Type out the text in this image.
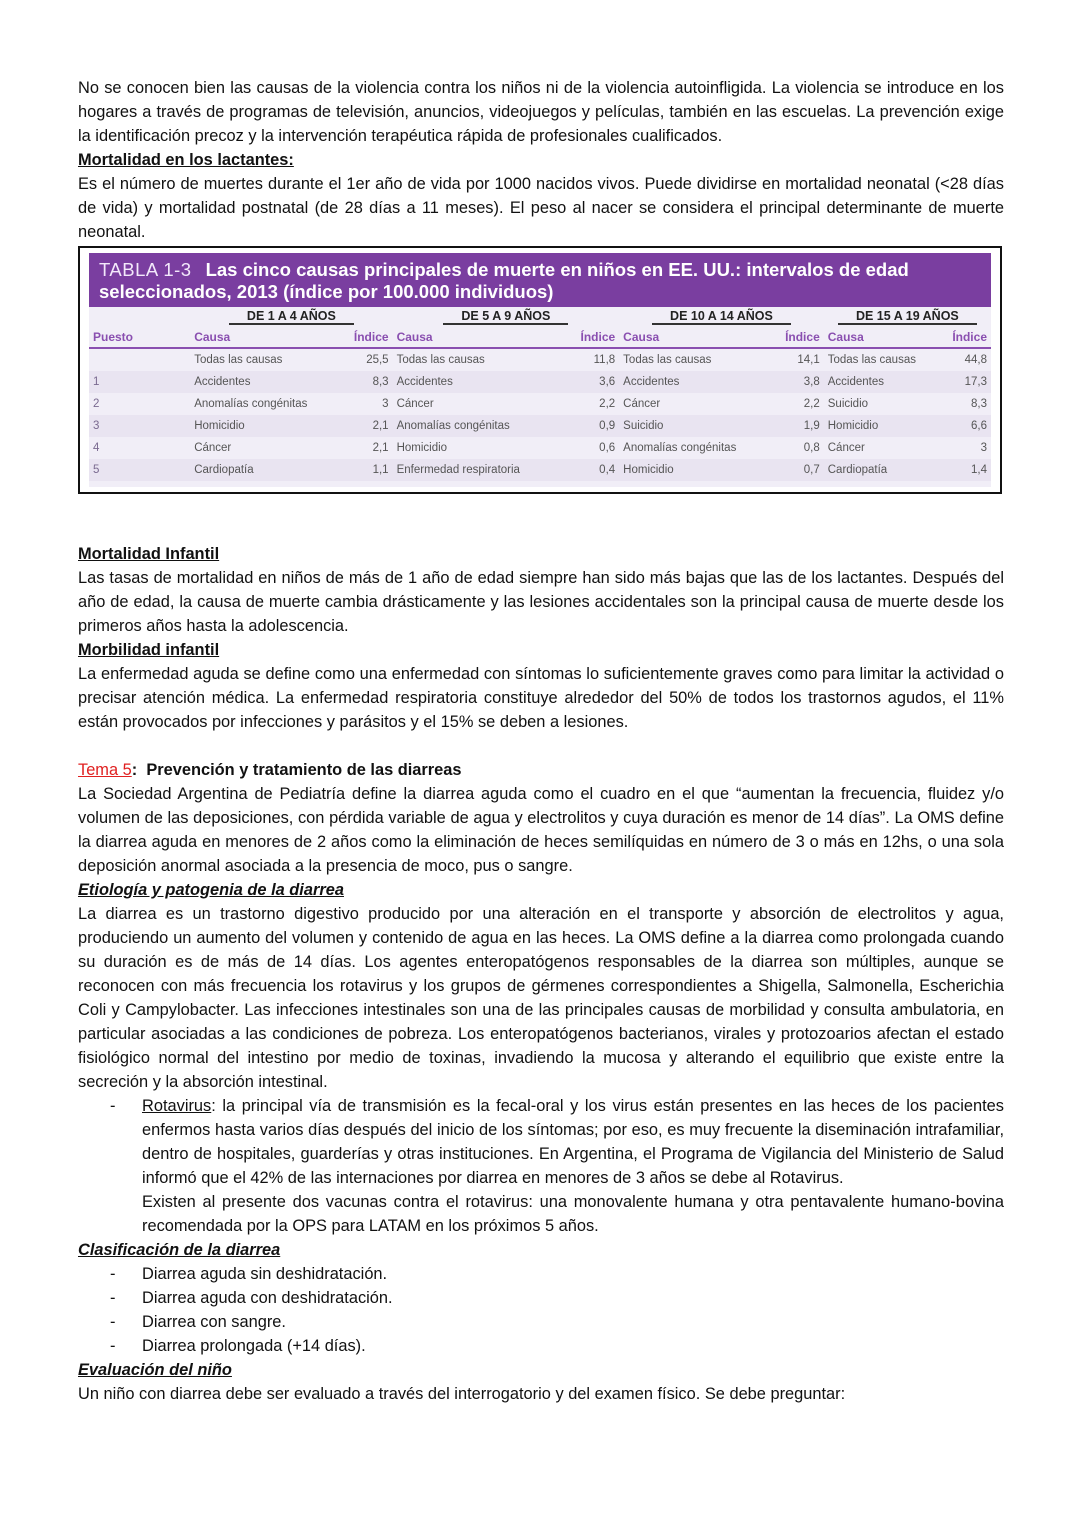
No se conocen bien las causas de la violencia contra los niños ni de la violencia autoinfligida. La violencia se introduce en los hogares a través de programas de televisión, anuncios, videojuegos y películas, también en las escuelas. La prevención exige la identificación precoz y la intervención terapéutica rápida de profesionales cualificados.

Mortalidad en los lactantes:

Es el número de muertes durante el 1er año de vida por 1000 nacidos vivos. Puede dividirse en mortalidad neonatal (<28 días de vida) y mortalidad postnatal (de 28 días a 11 meses). El peso al nacer se considera el principal determinante de muerte neonatal.

TABLA 1-3 Las cinco causas principales de muerte en niños en EE. UU.: intervalos de edad seleccionados, 2013 (índice por 100.000 individuos)
	DE 1 A 4 AÑOS		DE 5 A 9 AÑOS		DE 10 A 14 AÑOS		DE 15 A 19 AÑOS	
Puesto	Causa	Índice	Causa	Índice	Causa	Índice	Causa	Índice
	Todas las causas	25,5	Todas las causas	11,8	Todas las causas	14,1	Todas las causas	44,8
1	Accidentes	8,3	Accidentes	3,6	Accidentes	3,8	Accidentes	17,3
2	Anomalías congénitas	3	Cáncer	2,2	Cáncer	2,2	Suicidio	8,3
3	Homicidio	2,1	Anomalías congénitas	0,9	Suicidio	1,9	Homicidio	6,6
4	Cáncer	2,1	Homicidio	0,6	Anomalías congénitas	0,8	Cáncer	3
5	Cardiopatía	1,1	Enfermedad respiratoria	0,4	Homicidio	0,7	Cardiopatía	1,4

Mortalidad Infantil

Las tasas de mortalidad en niños de más de 1 año de edad siempre han sido más bajas que las de los lactantes. Después del año de edad, la causa de muerte cambia drásticamente y las lesiones accidentales son la principal causa de muerte desde los primeros años hasta la adolescencia.

Morbilidad infantil

La enfermedad aguda se define como una enfermedad con síntomas lo suficientemente graves como para limitar la actividad o precisar atención médica. La enfermedad respiratoria constituye alrededor del 50% de todos los trastornos agudos, el 11% están provocados por infecciones y parásitos y el 15% se deben a lesiones.

Tema 5: Prevención y tratamiento de las diarreas

La Sociedad Argentina de Pediatría define la diarrea aguda como el cuadro en el que “aumentan la frecuencia, fluidez y/o volumen de las deposiciones, con pérdida variable de agua y electrolitos y cuya duración es menor de 14 días”. La OMS define la diarrea aguda en menores de 2 años como la eliminación de heces semilíquidas en número de 3 o más en 12hs, o una sola deposición anormal asociada a la presencia de moco, pus o sangre.

Etiología y patogenia de la diarrea

La diarrea es un trastorno digestivo producido por una alteración en el transporte y absorción de electrolitos y agua, produciendo un aumento del volumen y contenido de agua en las heces. La OMS define a la diarrea como prolongada cuando su duración es de más de 14 días. Los agentes enteropatógenos responsables de la diarrea son múltiples, aunque se reconocen con más frecuencia los rotavirus y los grupos de gérmenes correspondientes a Shigella, Salmonella, Escherichia Coli y Campylobacter. Las infecciones intestinales son una de las principales causas de morbilidad y consulta ambulatoria, en particular asociadas a las condiciones de pobreza. Los enteropatógenos bacterianos, virales y protozoarios afectan el estado fisiológico normal del intestino por medio de toxinas, invadiendo la mucosa y alterando el equilibrio que existe entre la secreción y la absorción intestinal.

- Rotavirus: la principal vía de transmisión es la fecal-oral y los virus están presentes en las heces de los pacientes enfermos hasta varios días después del inicio de los síntomas; por eso, es muy frecuente la diseminación intrafamiliar, dentro de hospitales, guarderías y otras instituciones. En Argentina, el Programa de Vigilancia del Ministerio de Salud informó que el 42% de las internaciones por diarrea en menores de 3 años se debe al Rotavirus.
Existen al presente dos vacunas contra el rotavirus: una monovalente humana y otra pentavalente humano-bovina recomendada por la OPS para LATAM en los próximos 5 años.

Clasificación de la diarrea

- Diarrea aguda sin deshidratación.
- Diarrea aguda con deshidratación.
- Diarrea con sangre.
- Diarrea prolongada (+14 días).

Evaluación del niño

Un niño con diarrea debe ser evaluado a través del interrogatorio y del examen físico. Se debe preguntar:
